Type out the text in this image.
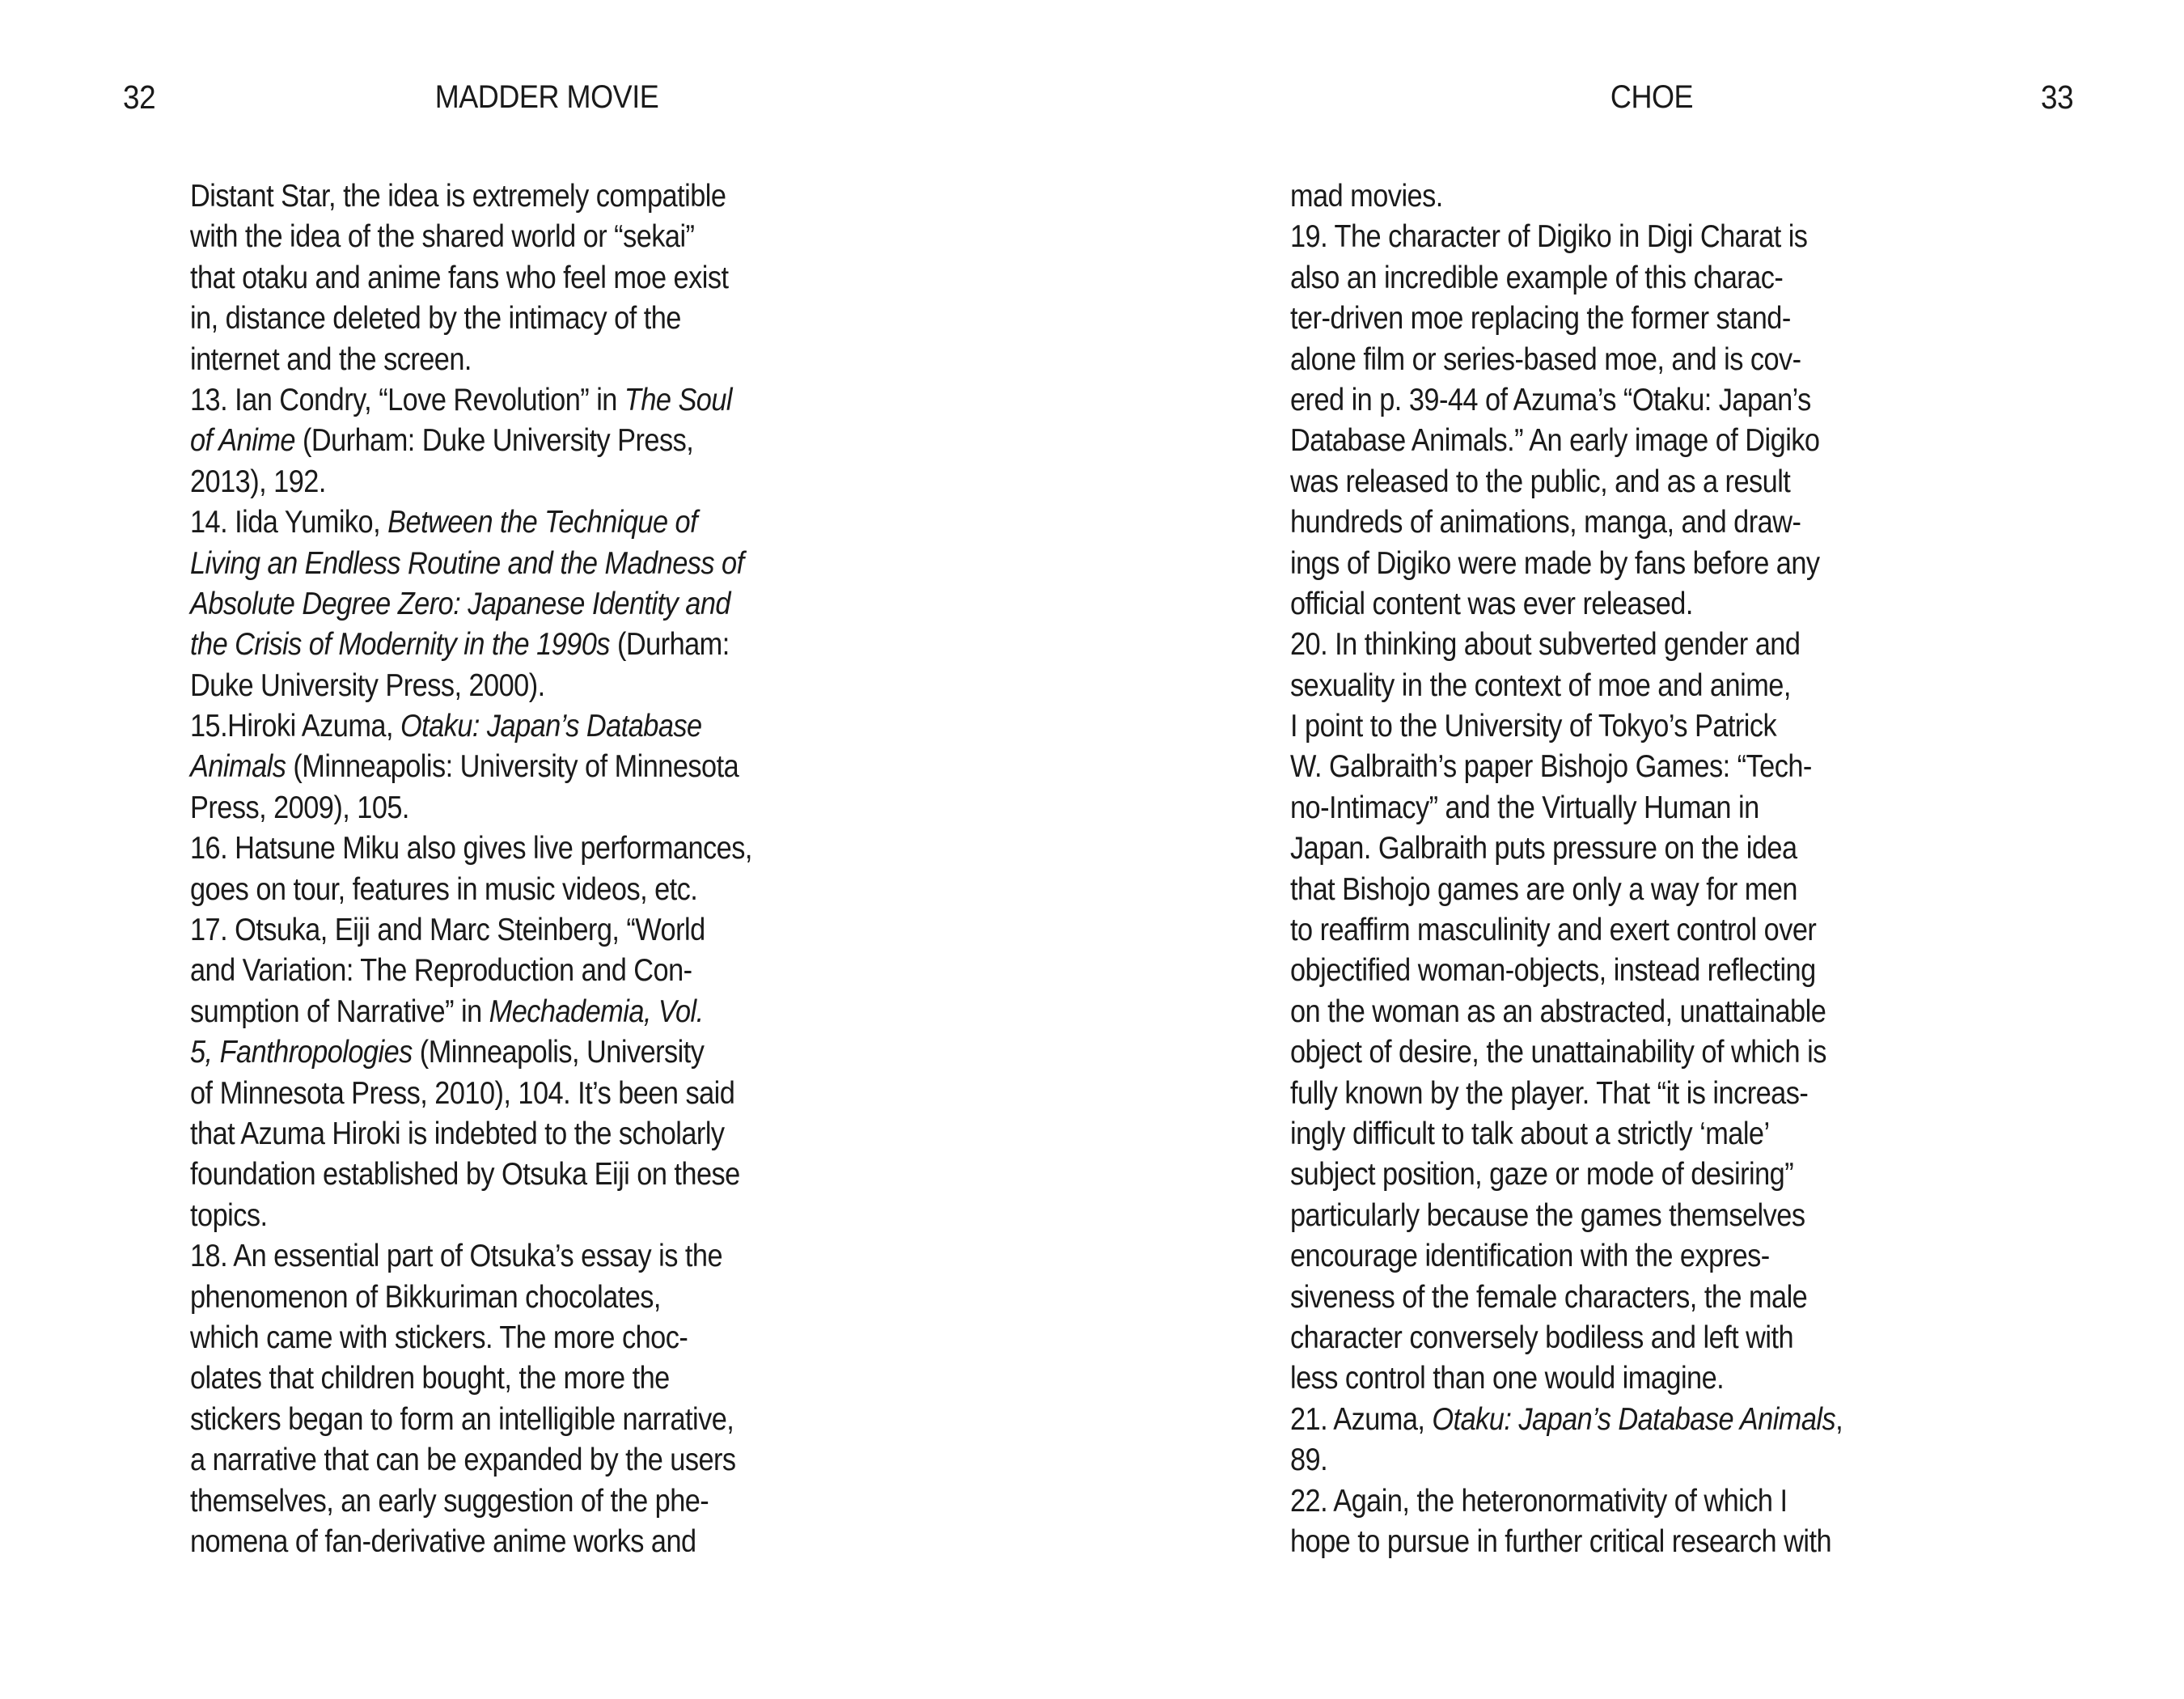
32	MADDER MOVIE
Distant Star, the idea is extremely compatible
with the idea of the shared world or “sekai”
that otaku and anime fans who feel moe exist
in, distance deleted by the intimacy of the
internet and the screen.
13. Ian Condry, “Love Revolution” in The Soul
of Anime (Durham: Duke University Press,
2013), 192.
14. Iida Yumiko, Between the Technique of
Living an Endless Routine and the Madness of
Absolute Degree Zero: Japanese Identity and
the Crisis of Modernity in the 1990s (Durham:
Duke University Press, 2000).
15.Hiroki Azuma, Otaku: Japan’s Database
Animals (Minneapolis: University of Minnesota
Press, 2009), 105.
16. Hatsune Miku also gives live performances,
goes on tour, features in music videos, etc.
17. Otsuka, Eiji and Marc Steinberg, “World
and Variation: The Reproduction and Con-
sumption of Narrative” in Mechademia, Vol.
5, Fanthropologies (Minneapolis, University
of Minnesota Press, 2010), 104. It’s been said
that Azuma Hiroki is indebted to the scholarly
foundation established by Otsuka Eiji on these
topics.
18. An essential part of Otsuka’s essay is the
phenomenon of Bikkuriman chocolates,
which came with stickers. The more choc-
olates that children bought, the more the
stickers began to form an intelligible narrative,
a narrative that can be expanded by the users
themselves, an early suggestion of the phe-
nomena of fan-derivative anime works and
CHOE	33
mad movies.
19. The character of Digiko in Digi Charat is
also an incredible example of this charac-
ter-driven moe replacing the former stand-
alone film or series-based moe, and is cov-
ered in p. 39-44 of Azuma’s “Otaku: Japan’s
Database Animals.” An early image of Digiko
was released to the public, and as a result
hundreds of animations, manga, and draw-
ings of Digiko were made by fans before any
official content was ever released.
20. In thinking about subverted gender and
sexuality in the context of moe and anime,
I point to the University of Tokyo’s Patrick
W. Galbraith’s paper Bishojo Games: “Tech-
no-Intimacy” and the Virtually Human in
Japan. Galbraith puts pressure on the idea
that Bishojo games are only a way for men
to reaffirm masculinity and exert control over
objectified woman-objects, instead reflecting
on the woman as an abstracted, unattainable
object of desire, the unattainability of which is
fully known by the player. That “it is increas-
ingly difficult to talk about a strictly ‘male’
subject position, gaze or mode of desiring”
particularly because the games themselves
encourage identification with the expres-
siveness of the female characters, the male
character conversely bodiless and left with
less control than one would imagine.
21. Azuma, Otaku: Japan’s Database Animals,
89.
22. Again, the heteronormativity of which I
hope to pursue in further critical research with
